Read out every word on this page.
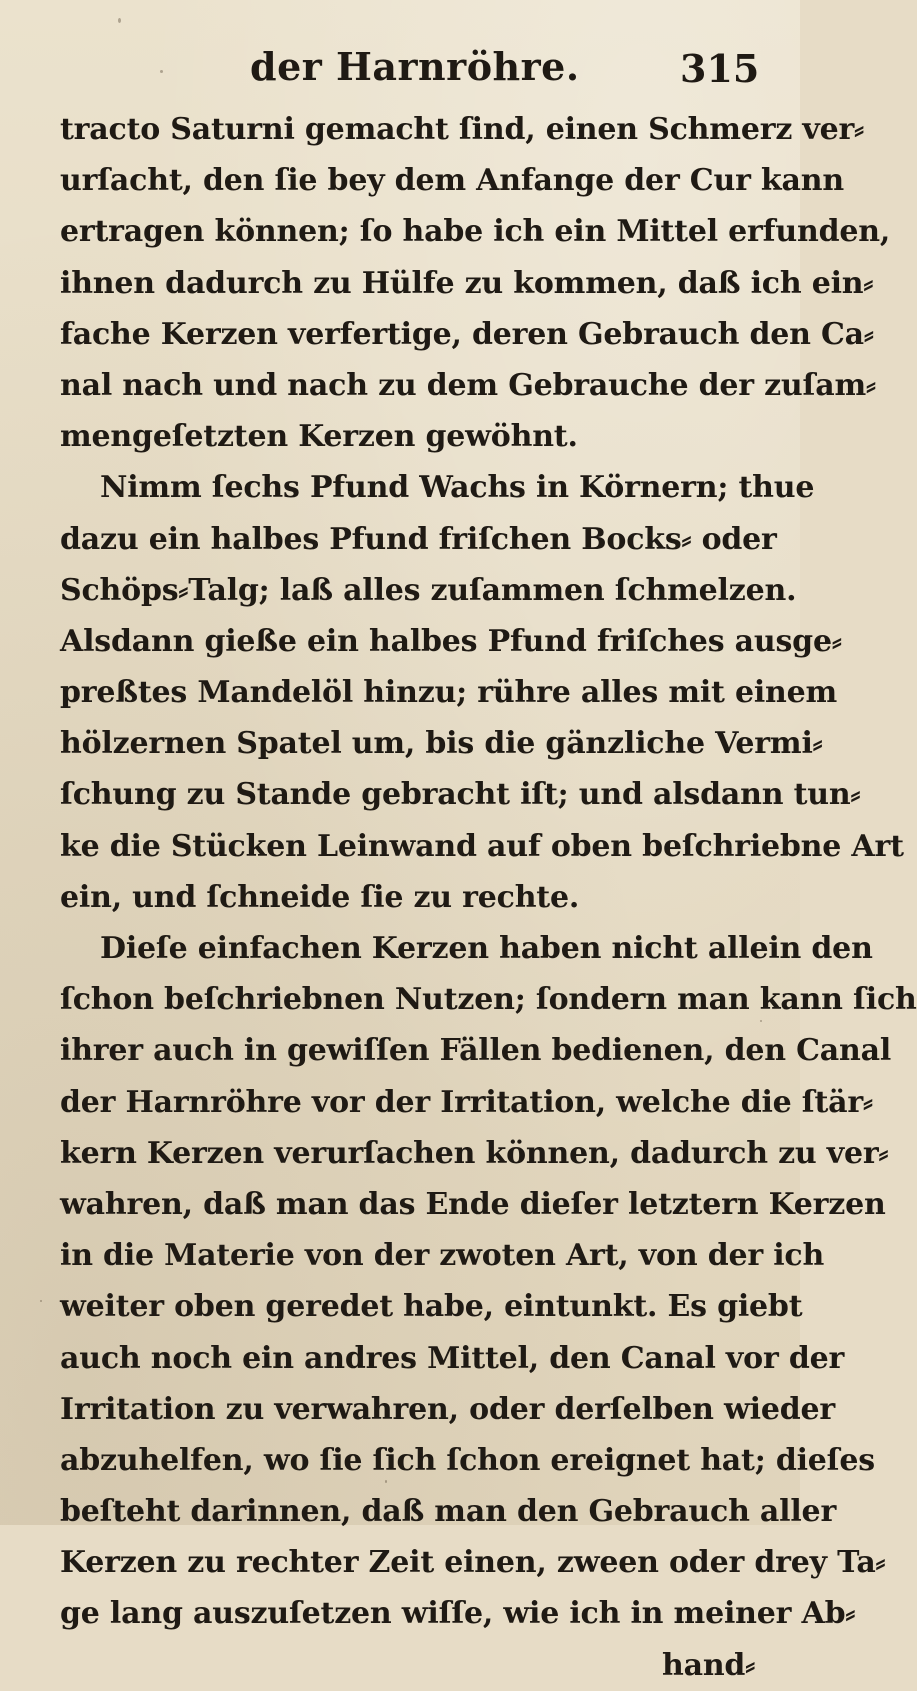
der Harnröhre.	315
tracto Saturni gemacht ſind, einen Schmerz ver⸗
urſacht, den ſie bey dem Anfange der Cur kann
ertragen können; ſo habe ich ein Mittel erfunden,
ihnen dadurch zu Hülfe zu kommen, daß ich ein⸗
fache Kerzen verfertige, deren Gebrauch den Ca⸗
nal nach und nach zu dem Gebrauche der zuſam⸗
mengeſetzten Kerzen gewöhnt.
Nimm ſechs Pfund Wachs in Körnern; thue
dazu ein halbes Pfund friſchen Bocks⸗ oder
Schöps⸗Talg; laß alles zuſammen ſchmelzen.
Alsdann gieße ein halbes Pfund friſches ausge⸗
preßtes Mandelöl hinzu; rühre alles mit einem
hölzernen Spatel um, bis die gänzliche Vermi⸗
ſchung zu Stande gebracht iſt; und alsdann tun⸗
ke die Stücken Leinwand auf oben beſchriebne Art
ein, und ſchneide ſie zu rechte.
Dieſe einfachen Kerzen haben nicht allein den
ſchon beſchriebnen Nutzen; ſondern man kann ſich
ihrer auch in gewiſſen Fällen bedienen, den Canal
der Harnröhre vor der Irritation, welche die ſtär⸗
kern Kerzen verurſachen können, dadurch zu ver⸗
wahren, daß man das Ende dieſer letztern Kerzen
in die Materie von der zwoten Art, von der ich
weiter oben geredet habe, eintunkt. Es giebt
auch noch ein andres Mittel, den Canal vor der
Irritation zu verwahren, oder derſelben wieder
abzuhelfen, wo ſie ſich ſchon ereignet hat; dieſes
beſteht darinnen, daß man den Gebrauch aller
Kerzen zu rechter Zeit einen, zween oder drey Ta⸗
ge lang auszuſetzen wiſſe, wie ich in meiner Ab⸗
hand⸗
